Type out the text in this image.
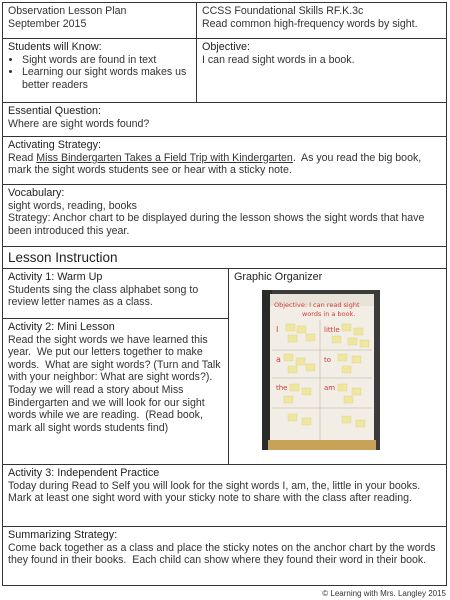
Observation Lesson Plan

September 2015

CCSS Foundational Skills RF.K.3c

Read common high-frequency words by sight.

Students will Know:

• Sight words are found in text
• Learning our sight words makes us better readers

Objective:

I can read sight words in a book.

Essential Question:

Where are sight words found?

Activating Strategy:

Read Miss Bindergarten Takes a Field Trip with Kindergarten.  As you read the big book, mark the sight words students see or hear with a sticky note.

Vocabulary:

sight words, reading, books

Strategy: Anchor chart to be displayed during the lesson shows the sight words that have been introduced this year.

Lesson Instruction

Activity 1: Warm Up

Students sing the class alphabet song to review letter names as a class.

Activity 2: Mini Lesson

Read the sight words we have learned this year.  We put our letters together to make words.  What are sight words? (Turn and Talk with your neighbor: What are sight words?).  Today we will read a story about Miss Bindergarten and we will look for our sight words while we are reading.  (Read book, mark all sight words students find)

Graphic Organizer

Objective: I can read sight
words in a book.
I	little
a	to
the	am

Activity 3: Independent Practice

Today during Read to Self you will look for the sight words I, am, the, little in your books.  Mark at least one sight word with your sticky note to share with the class after reading.

Summarizing Strategy:

Come back together as a class and place the sticky notes on the anchor chart by the words they found in their books.  Each child can show where they found their word in their book.

© Learning with Mrs. Langley 2015
